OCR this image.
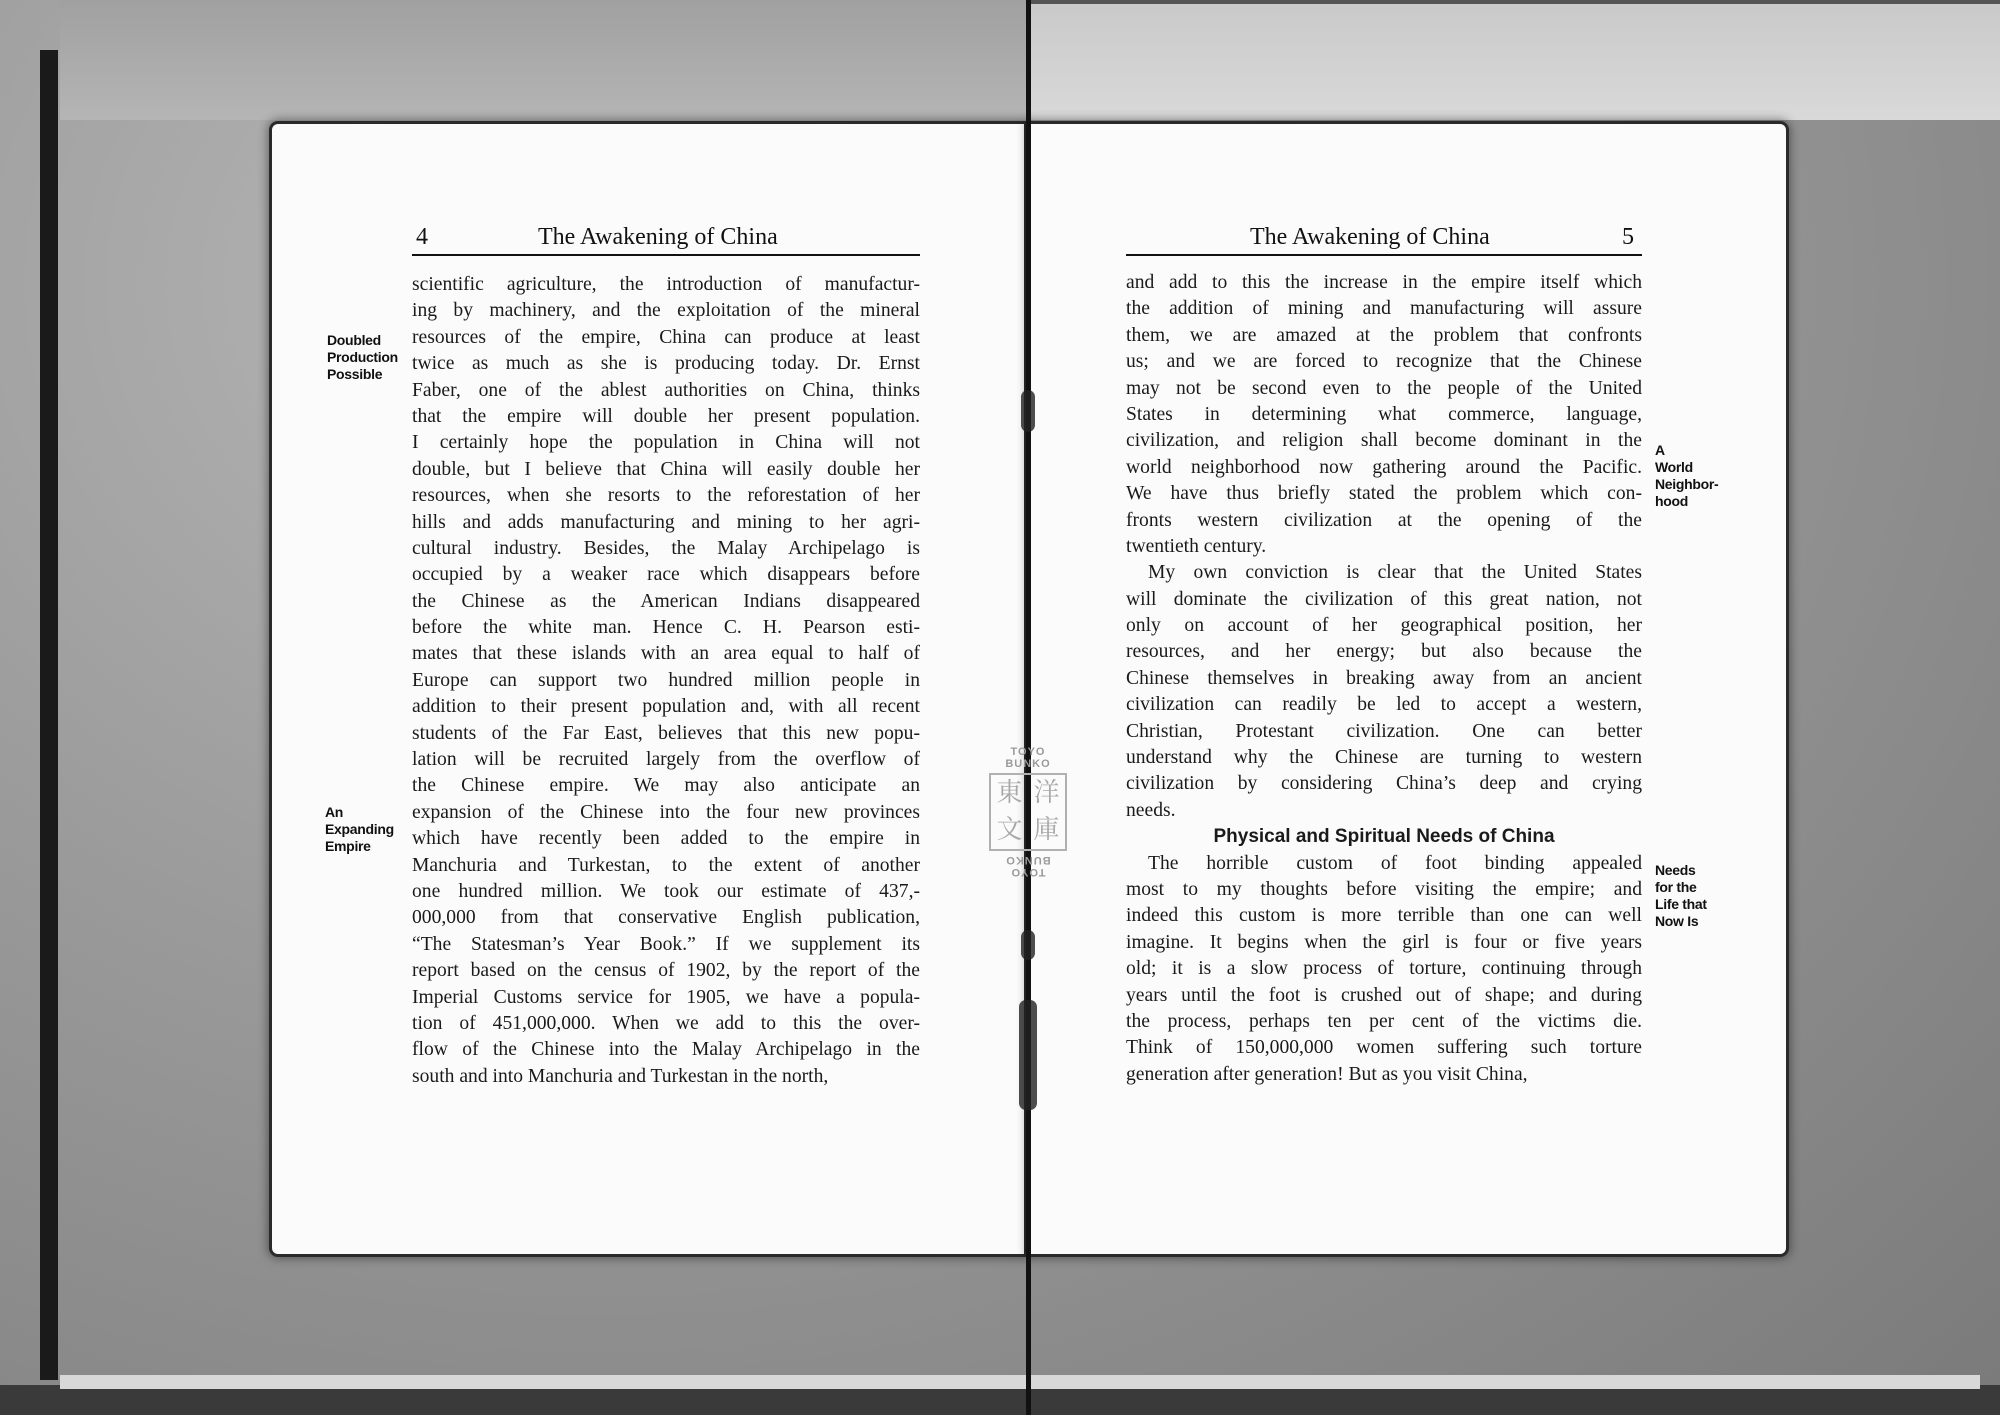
4	The Awakening of China	The Awakening of China	5
Doubled
Production
Possible
An
Expanding
Empire
A
World
Neighbor-
hood
Needs
for the
Life that
Now Is
scientific agriculture, the introduction of manufactur-
ing by machinery, and the exploitation of the mineral
resources of the empire, China can produce at least
twice as much as she is producing today. Dr. Ernst
Faber, one of the ablest authorities on China, thinks
that the empire will double her present population.
I certainly hope the population in China will not
double, but I believe that China will easily double her
resources, when she resorts to the reforestation of her
hills and adds manufacturing and mining to her agri-
cultural industry. Besides, the Malay Archipelago is
occupied by a weaker race which disappears before
the Chinese as the American Indians disappeared
before the white man. Hence C. H. Pearson esti-
mates that these islands with an area equal to half of
Europe can support two hundred million people in
addition to their present population and, with all recent
students of the Far East, believes that this new popu-
lation will be recruited largely from the overflow of
the Chinese empire. We may also anticipate an
expansion of the Chinese into the four new provinces
which have recently been added to the empire in
Manchuria and Turkestan, to the extent of another
one hundred million. We took our estimate of 437,-
000,000 from that conservative English publication,
“The Statesman’s Year Book.” If we supplement its
report based on the census of 1902, by the report of the
Imperial Customs service for 1905, we have a popula-
tion of 451,000,000. When we add to this the over-
flow of the Chinese into the Malay Archipelago in the
south and into Manchuria and Turkestan in the north,
and add to this the increase in the empire itself which
the addition of mining and manufacturing will assure
them, we are amazed at the problem that confronts
us; and we are forced to recognize that the Chinese
may not be second even to the people of the United
States in determining what commerce, language,
civilization, and religion shall become dominant in the
world neighborhood now gathering around the Pacific.
We have thus briefly stated the problem which con-
fronts western civilization at the opening of the
twentieth century.
My own conviction is clear that the United States
will dominate the civilization of this great nation, not
only on account of her geographical position, her
resources, and her energy; but also because the
Chinese themselves in breaking away from an ancient
civilization can readily be led to accept a western,
Christian, Protestant civilization. One can better
understand why the Chinese are turning to western
civilization by considering China’s deep and crying
needs.
Physical and Spiritual Needs of China
The horrible custom of foot binding appealed
most to my thoughts before visiting the empire; and
indeed this custom is more terrible than one can well
imagine. It begins when the girl is four or five years
old; it is a slow process of torture, continuing through
years until the foot is crushed out of shape; and during
the process, perhaps ten per cent of the victims die.
Think of 150,000,000 women suffering such torture
generation after generation! But as you visit China,
TOYO BUNKO
東 洋
文 庫
TOYO BUNKO
